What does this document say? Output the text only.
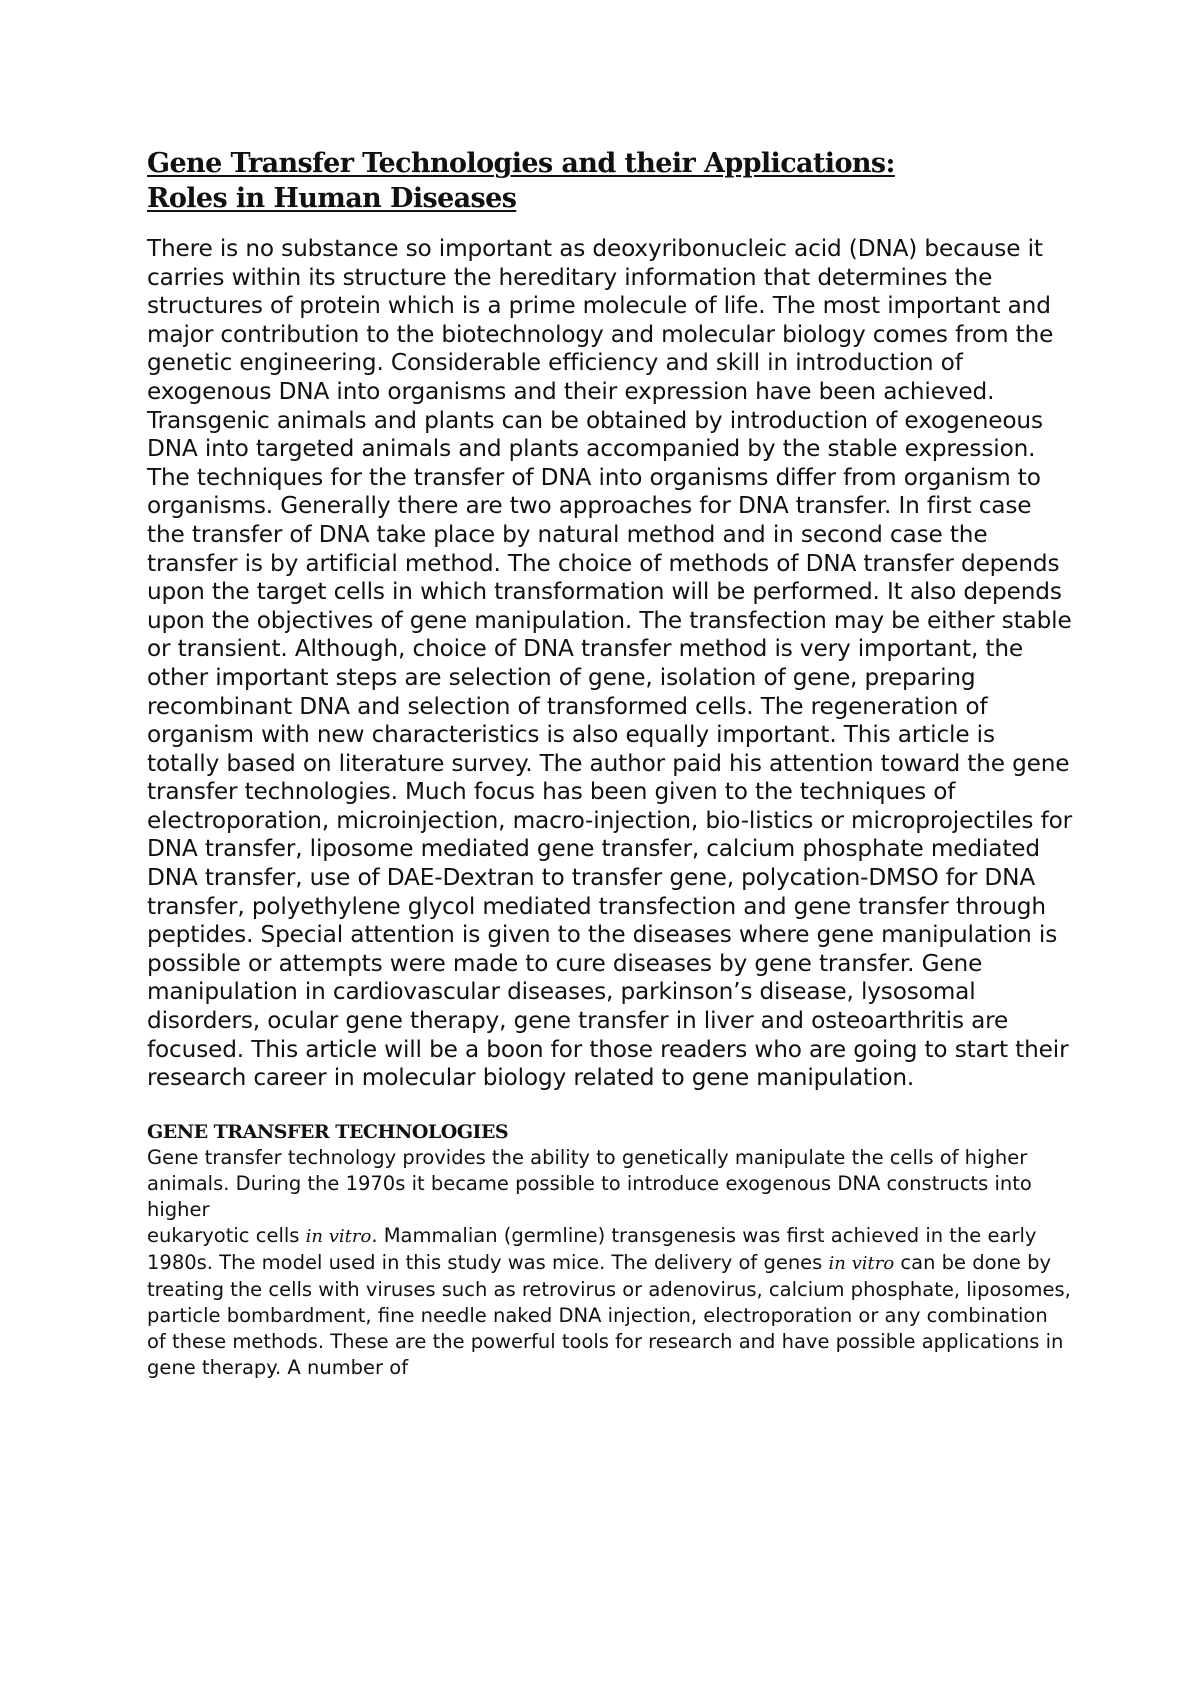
Gene Transfer Technologies and their Applications: Roles in Human Diseases

There is no substance so important as deoxyribonucleic acid (DNA) because it carries within its structure the hereditary information that determines the structures of protein which is a prime molecule of life. The most important and major contribution to the biotechnology and molecular biology comes from the genetic engineering. Considerable efficiency and skill in introduction of exogenous DNA into organisms and their expression have been achieved. Transgenic animals and plants can be obtained by introduction of exogeneous DNA into targeted animals and plants accompanied by the stable expression. The techniques for the transfer of DNA into organisms differ from organism to organisms. Generally there are two approaches for DNA transfer. In first case the transfer of DNA take place by natural method and in second case the transfer is by artificial method. The choice of methods of DNA transfer depends upon the target cells in which transformation will be performed. It also depends upon the objectives of gene manipulation. The transfection may be either stable or transient. Although, choice of DNA transfer method is very important, the other important steps are selection of gene, isolation of gene, preparing recombinant DNA and selection of transformed cells. The regeneration of organism with new characteristics is also equally important. This article is totally based on literature survey. The author paid his attention toward the gene transfer technologies. Much focus has been given to the techniques of electroporation, microinjection, macro-injection, bio-listics or microprojectiles for DNA transfer, liposome mediated gene transfer, calcium phosphate mediated DNA transfer, use of DAE-Dextran to transfer gene, polycation-DMSO for DNA transfer, polyethylene glycol mediated transfection and gene transfer through peptides. Special attention is given to the diseases where gene manipulation is possible or attempts were made to cure diseases by gene transfer. Gene manipulation in cardiovascular diseases, parkinson’s disease, lysosomal disorders, ocular gene therapy, gene transfer in liver and osteoarthritis are focused. This article will be a boon for those readers who are going to start their research career in molecular biology related to gene manipulation.

GENE TRANSFER TECHNOLOGIES
Gene transfer technology provides the ability to genetically manipulate the cells of higher
animals. During the 1970s it became possible to introduce exogenous DNA constructs into higher
eukaryotic cells in vitro. Mammalian (germline) transgenesis was first achieved in the early
1980s. The model used in this study was mice. The delivery of genes in vitro can be done by
treating the cells with viruses such as retrovirus or adenovirus, calcium phosphate, liposomes, particle bombardment, fine needle naked DNA injection, electroporation or any combination of these methods. These are the powerful tools for research and have possible applications in gene therapy. A number of
